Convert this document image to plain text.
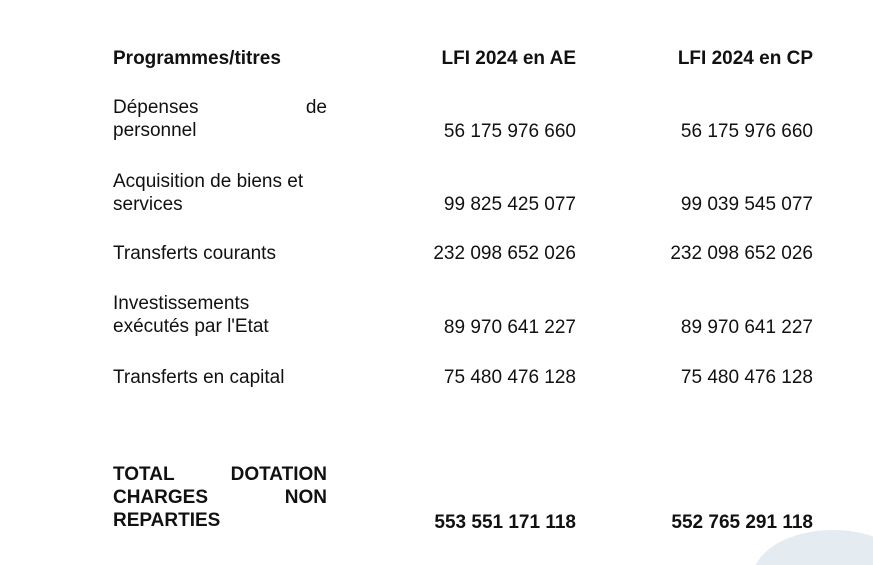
Programmes/titres	LFI 2024 en AE	LFI 2024 en CP
Dépenses de
personnel	56 175 976 660	56 175 976 660
Acquisition de biens et
services	99 825 425 077	99 039 545 077
Transferts courants	232 098 652 026	232 098 652 026
Investissements
exécutés par l'Etat	89 970 641 227	89 970 641 227
Transferts en capital	75 480 476 128	75 480 476 128
TOTAL DOTATION
CHARGES NON
REPARTIES	553 551 171 118	552 765 291 118
